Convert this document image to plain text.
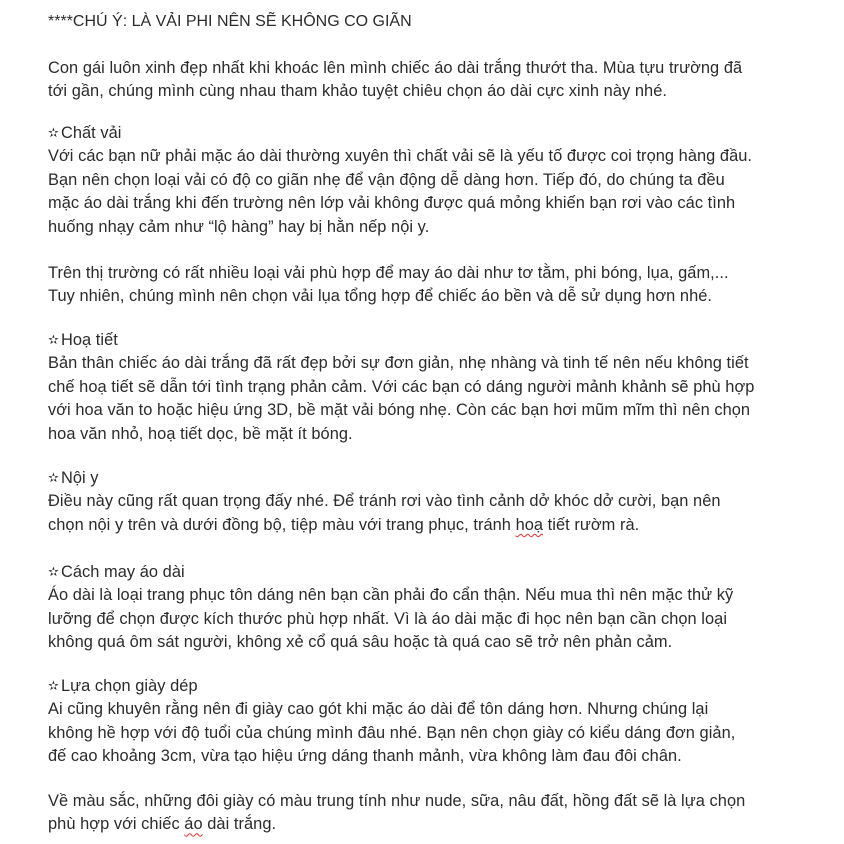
****CHÚ Ý: LÀ VẢI PHI NÊN SẼ KHÔNG CO GIÃN
Con gái luôn xinh đẹp nhất khi khoác lên mình chiếc áo dài trắng thướt tha. Mùa tựu trường đã
tới gần, chúng mình cùng nhau tham khảo tuyệt chiêu chọn áo dài cực xinh này nhé.
✫ Chất vải
Với các bạn nữ phải mặc áo dài thường xuyên thì chất vải sẽ là yếu tố được coi trọng hàng đầu.
Bạn nên chọn loại vải có độ co giãn nhẹ để vận động dễ dàng hơn. Tiếp đó, do chúng ta đều
mặc áo dài trắng khi đến trường nên lớp vải không được quá mỏng khiến bạn rơi vào các tình
huống nhạy cảm như “lộ hàng” hay bị hằn nếp nội y.
Trên thị trường có rất nhiều loại vải phù hợp để may áo dài như tơ tằm, phi bóng, lụa, gấm,...
Tuy nhiên, chúng mình nên chọn vải lụa tổng hợp để chiếc áo bền và dễ sử dụng hơn nhé.
✫ Hoạ tiết
Bản thân chiếc áo dài trắng đã rất đẹp bởi sự đơn giản, nhẹ nhàng và tinh tế nên nếu không tiết
chế hoạ tiết sẽ dẫn tới tình trạng phản cảm. Với các bạn có dáng người mảnh khảnh sẽ phù hợp
với hoa văn to hoặc hiệu ứng 3D, bề mặt vải bóng nhẹ. Còn các bạn hơi mũm mĩm thì nên chọn
hoa văn nhỏ, hoạ tiết dọc, bề mặt ít bóng.
✫ Nội y
Điều này cũng rất quan trọng đấy nhé. Để tránh rơi vào tình cảnh dở khóc dở cười, bạn nên
chọn nội y trên và dưới đồng bộ, tiệp màu với trang phục, tránh hoạ tiết rườm rà.
✫ Cách may áo dài
Áo dài là loại trang phục tôn dáng nên bạn cần phải đo cẩn thận. Nếu mua thì nên mặc thử kỹ
lưỡng để chọn được kích thước phù hợp nhất. Vì là áo dài mặc đi học nên bạn cần chọn loại
không quá ôm sát người, không xẻ cổ quá sâu hoặc tà quá cao sẽ trở nên phản cảm.
✫ Lựa chọn giày dép
Ai cũng khuyên rằng nên đi giày cao gót khi mặc áo dài để tôn dáng hơn. Nhưng chúng lại
không hề hợp với độ tuổi của chúng mình đâu nhé. Bạn nên chọn giày có kiểu dáng đơn giản,
đế cao khoảng 3cm, vừa tạo hiệu ứng dáng thanh mảnh, vừa không làm đau đôi chân.
Về màu sắc, những đôi giày có màu trung tính như nude, sữa, nâu đất, hồng đất sẽ là lựa chọn
phù hợp với chiếc áo dài trắng.
